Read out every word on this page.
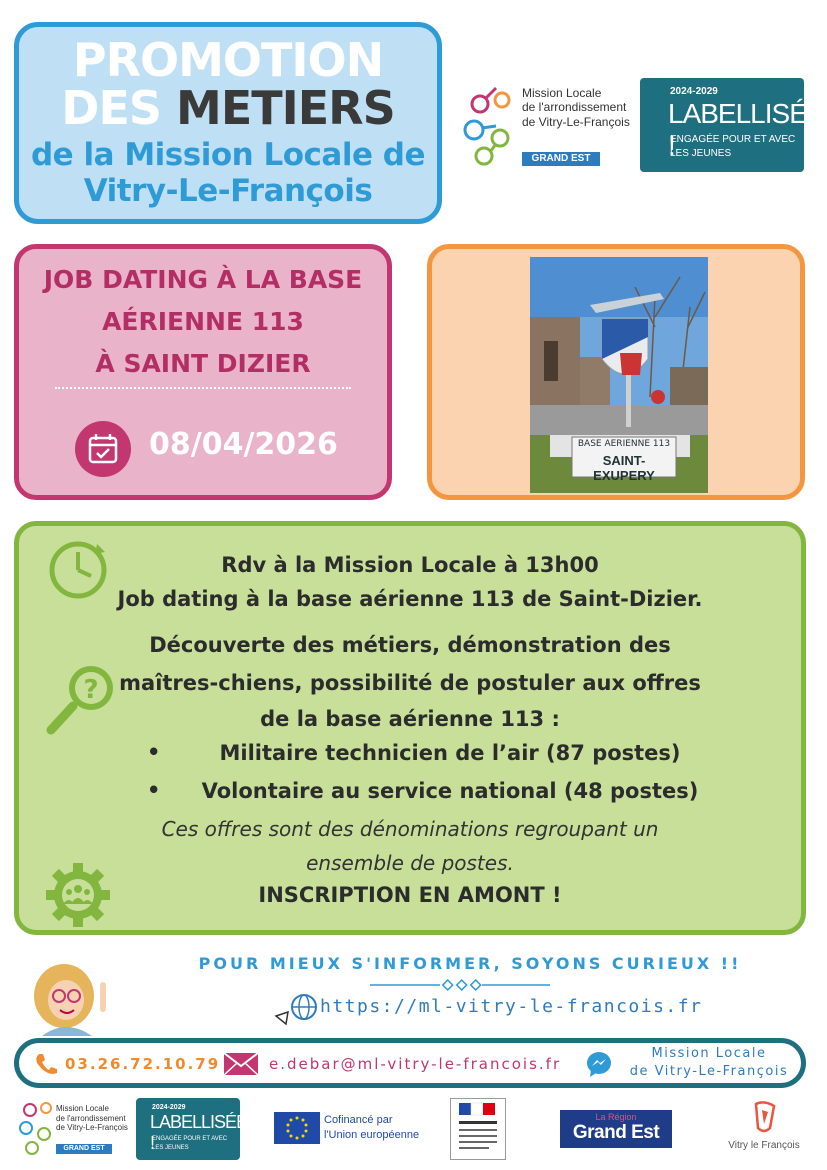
PROMOTION
DES METIERS
de la Mission Locale de
Vitry-Le-François
Mission Locale
de l'arrondissement
de Vitry-Le-François
GRAND EST
2024-2029
LABELLISÉE !
ENGAGÉE POUR ET AVEC
LES JEUNES
JOB DATING À LA BASE
AÉRIENNE 113
À SAINT DIZIER
08/04/2026	BASE AERIENNE 113
SAINT-EXUPERY
?
Rdv à la Mission Locale à 13h00
Job dating à la base aérienne 113 de Saint-Dizier.
Découverte des métiers, démonstration des
maîtres-chiens, possibilité de postuler aux offres
de la base aérienne 113 :
•	Militaire technicien de l’air (87 postes)
•	Volontaire au service national (48 postes)
Ces offres sont des dénominations regroupant un
ensemble de postes.
INSCRIPTION EN AMONT !
POUR MIEUX S'INFORMER, SOYONS CURIEUX !!
https://ml-vitry-le-francois.fr
03.26.72.10.79	e.debar@ml-vitry-le-francois.fr
Mission Locale
de Vitry-Le-François
Mission Locale
de l'arrondissement
de Vitry-Le-François
GRAND EST
2024-2029
LABELLISÉE !
ENGAGÉE POUR ET AVEC
LES JEUNES
Cofinancé par
l'Union européenne
La Région
Grand Est
Vitry le François
